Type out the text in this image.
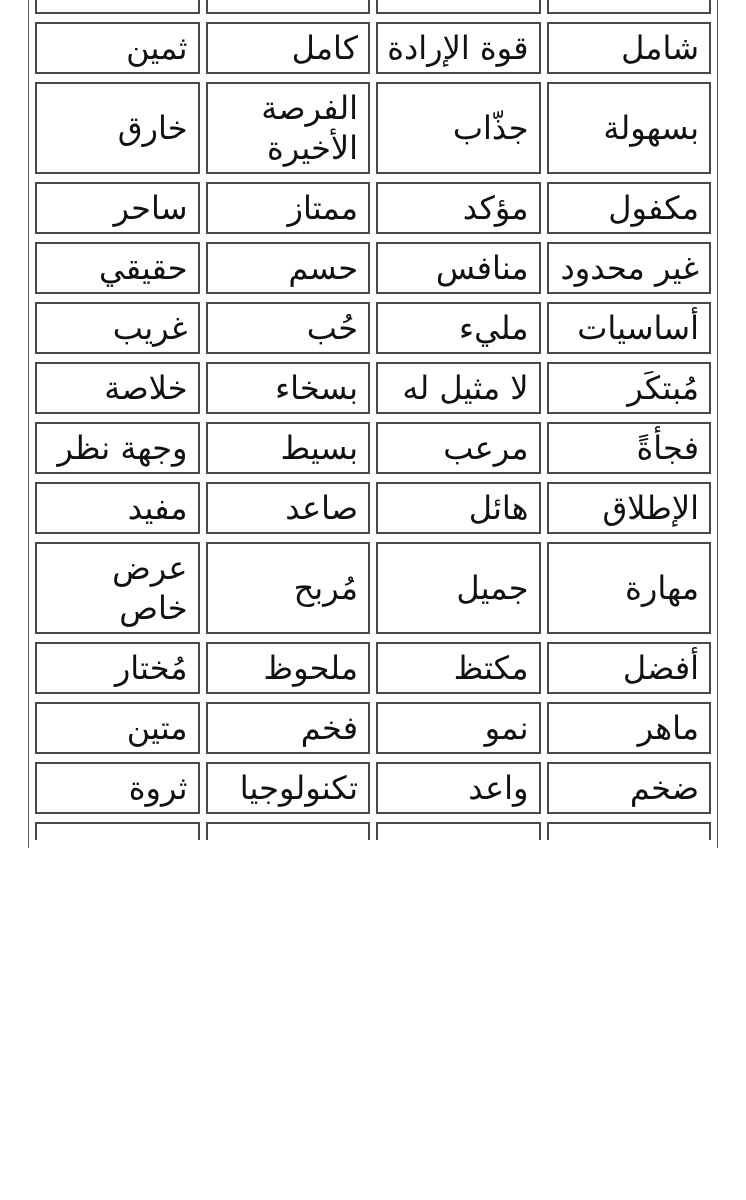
شامل	قوة الإرادة	كامل	ثمين
بسهولة	جذّاب	الفرصة الأخيرة	خارق
مكفول	مؤكد	ممتاز	ساحر
غير محدود	منافس	حسم	حقيقي
أساسيات	مليء	حُب	غريب
مُبتكَر	لا مثيل له	بسخاء	خلاصة
فجأةً	مرعب	بسيط	وجهة نظر
الإطلاق	هائل	صاعد	مفيد
مهارة	جميل	مُربح	عرض خاص
أفضل	مكتظ	ملحوظ	مُختار
ماهر	نمو	فخم	متين
ضخم	واعد	تكنولوجيا	ثروة
